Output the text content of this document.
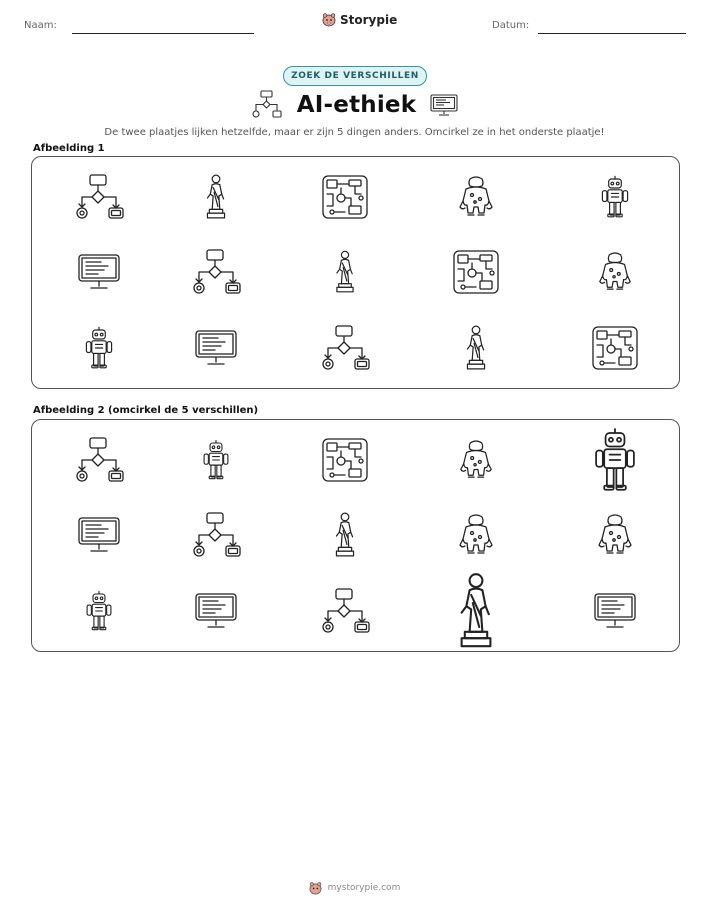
Naam:	Datum:
Storypie
ZOEK DE VERSCHILLEN
AI-ethiek
De twee plaatjes lijken hetzelfde, maar er zijn 5 dingen anders. Omcirkel ze in het onderste plaatje!
Afbeelding 1
Afbeelding 2 (omcirkel de 5 verschillen)
mystorypie.com
